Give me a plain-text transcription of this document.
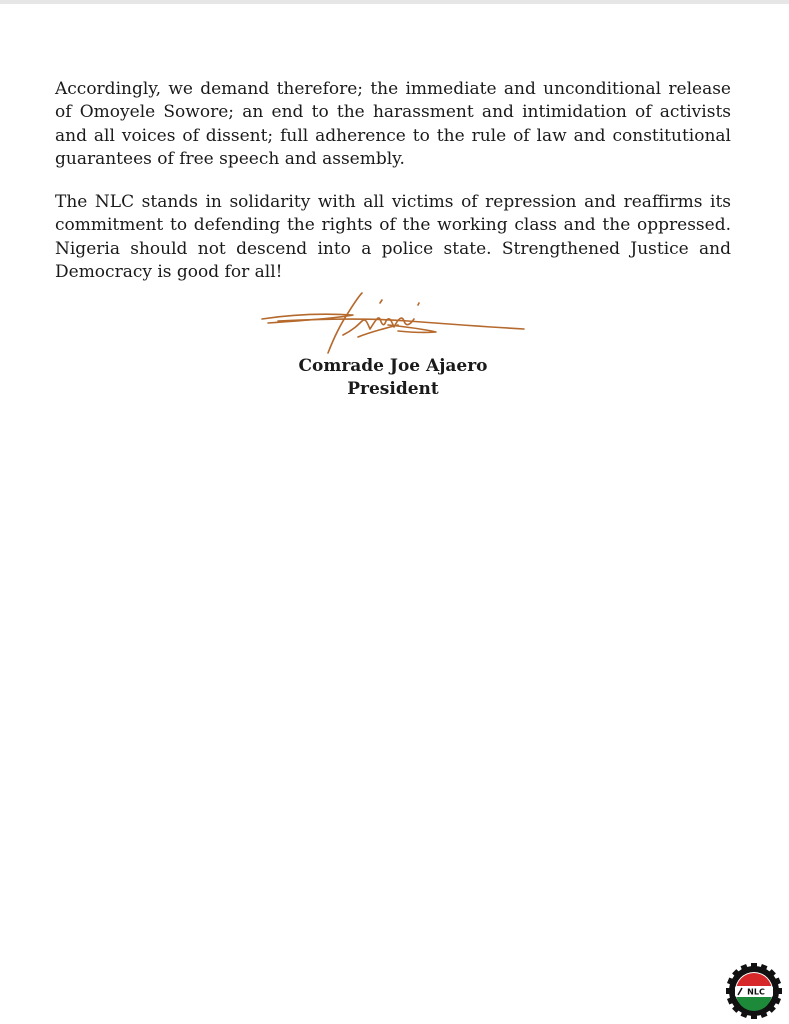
Accordingly, we demand therefore; the immediate and unconditional release of Omoyele Sowore; an end to the harassment and intimidation of activists and all voices of dissent; full adherence to the rule of law and constitutional guarantees of free speech and assembly.

The NLC stands in solidarity with all victims of repression and reaffirms its commitment to defending the rights of the working class and the oppressed. Nigeria should not descend into a police state. Strengthened Justice and Democracy is good for all!

Comrade Joe Ajaero
President
NLC
